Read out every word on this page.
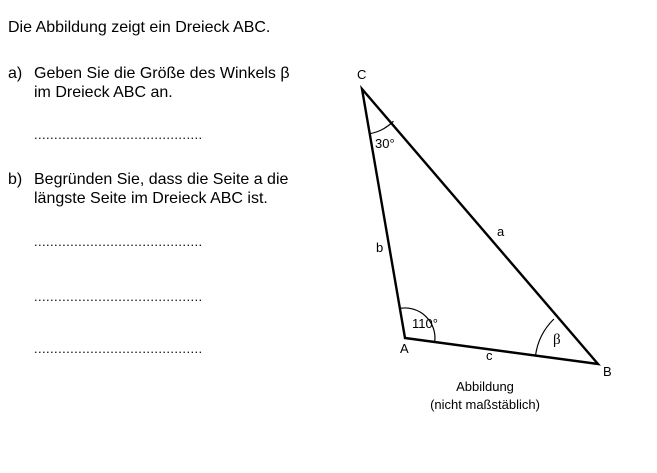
Die Abbildung zeigt ein Dreieck ABC.
a) Geben Sie die Größe des Winkels β
im Dreieck ABC an.
..........................................
b) Begründen Sie, dass die Seite a die
längste Seite im Dreieck ABC ist.
..........................................
..........................................
..........................................
C
A
B
a
b
c
30°
110°
β
Abbildung
(nicht maßstäblich)
